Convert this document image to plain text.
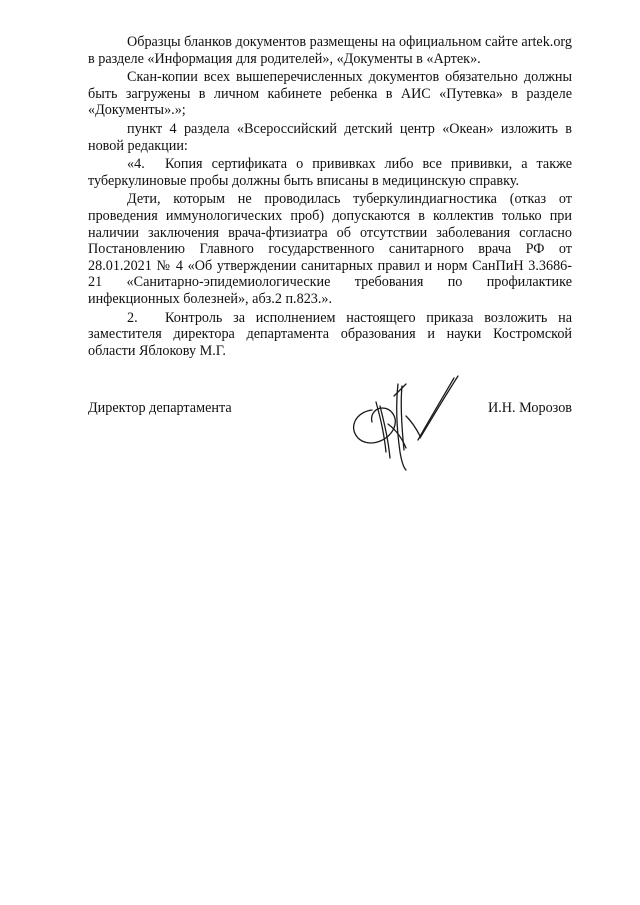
Образцы бланков документов размещены на официальном сайте artek.org в разделе «Информация для родителей», «Документы в «Артек».

Скан-копии всех вышеперечисленных документов обязательно должны быть загружены в личном кабинете ребенка в АИС «Путевка» в разделе «Документы».»;

пункт 4 раздела «Всероссийский детский центр «Океан» изложить в новой редакции:

«4. Копия сертификата о прививках либо все прививки, а также туберкулиновые пробы должны быть вписаны в медицинскую справку.

Дети, которым не проводилась туберкулиндиагностика (отказ от проведения иммунологических проб) допускаются в коллектив только при наличии заключения врача-фтизиатра об отсутствии заболевания согласно Постановлению Главного государственного санитарного врача РФ от 28.01.2021 № 4 «Об утверждении санитарных правил и норм СанПиН 3.3686-21 «Санитарно-эпидемиологические требования по профилактике инфекционных болезней», абз.2 п.823.».

2. Контроль за исполнением настоящего приказа возложить на заместителя директора департамента образования и науки Костромской области Яблокову М.Г.

Директор департамента	И.Н. Морозов
